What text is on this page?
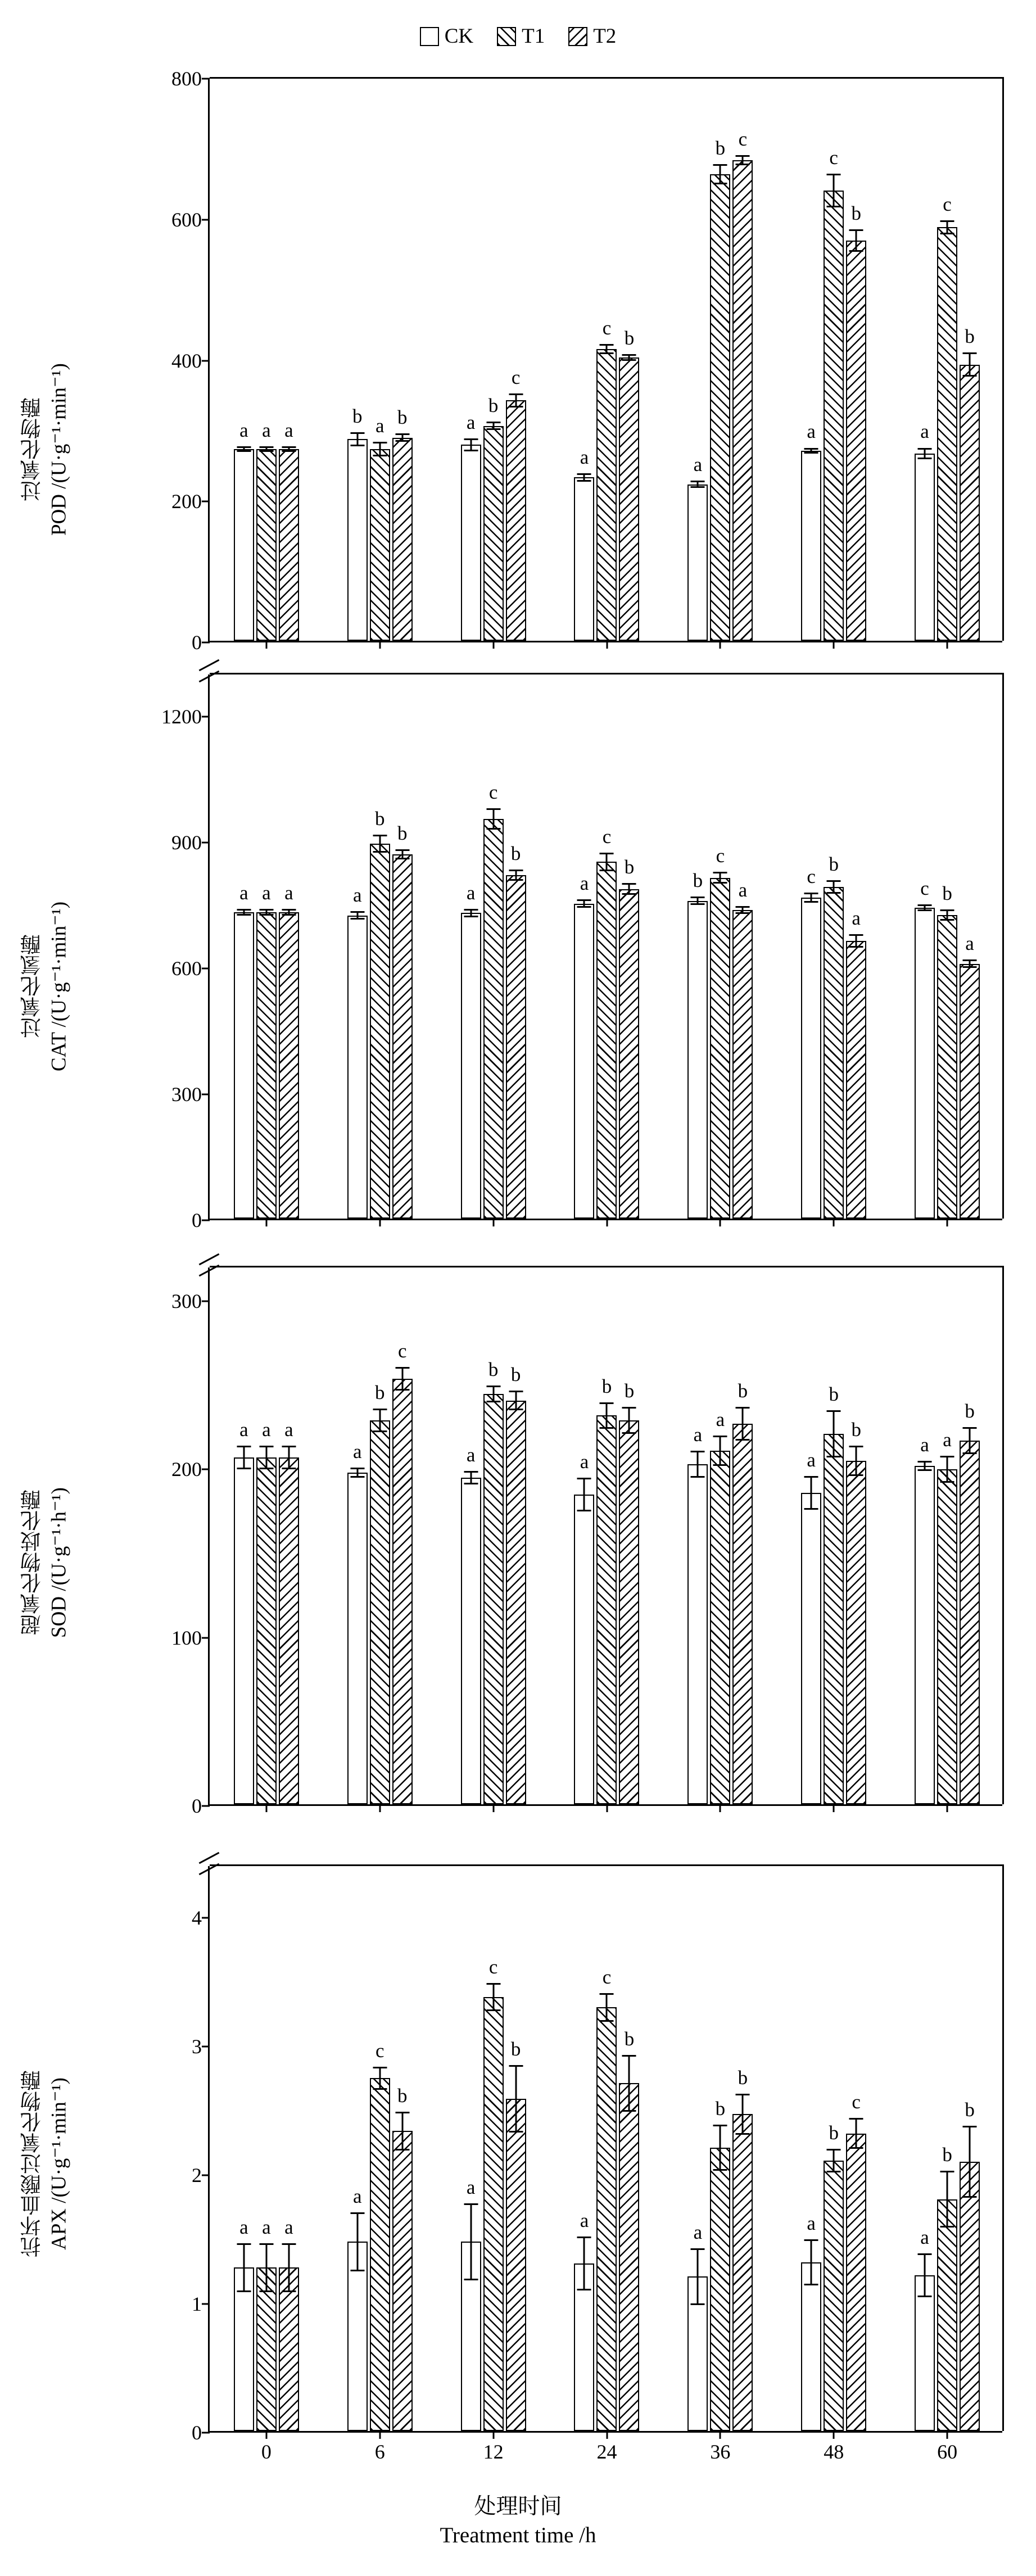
CK T1 T2
过氧化物酶 POD /(U·g⁻¹·min⁻¹)
0
200
400
600
800
a a a
b a b	a
b
c
a
c b
a
b c
a
c
b
a
c
b
过氧化氢酶 CAT /(U·g⁻¹·min⁻¹)
0
300
600
900
1200
a a a	a
b
b
a
c
b
a
c
b
b
c
a
c
b
a
c b
a
超氧化物歧化酶 SOD /(U·g⁻¹·h⁻¹)
0
100
200
300
a a a
a
b
c
a
b b
a
b b
a
a
b
a
b
b
a a
b
抗坏血酸过氧化物酶 APX /(U·g⁻¹·min⁻¹)
0
1
2
3
4
a a a
0
a
c
b
6
a
c
b
12
a
c
b
24
a
b
b
36
a
b
c
48
a
b
b
60
处理时间
Treatment time /h
